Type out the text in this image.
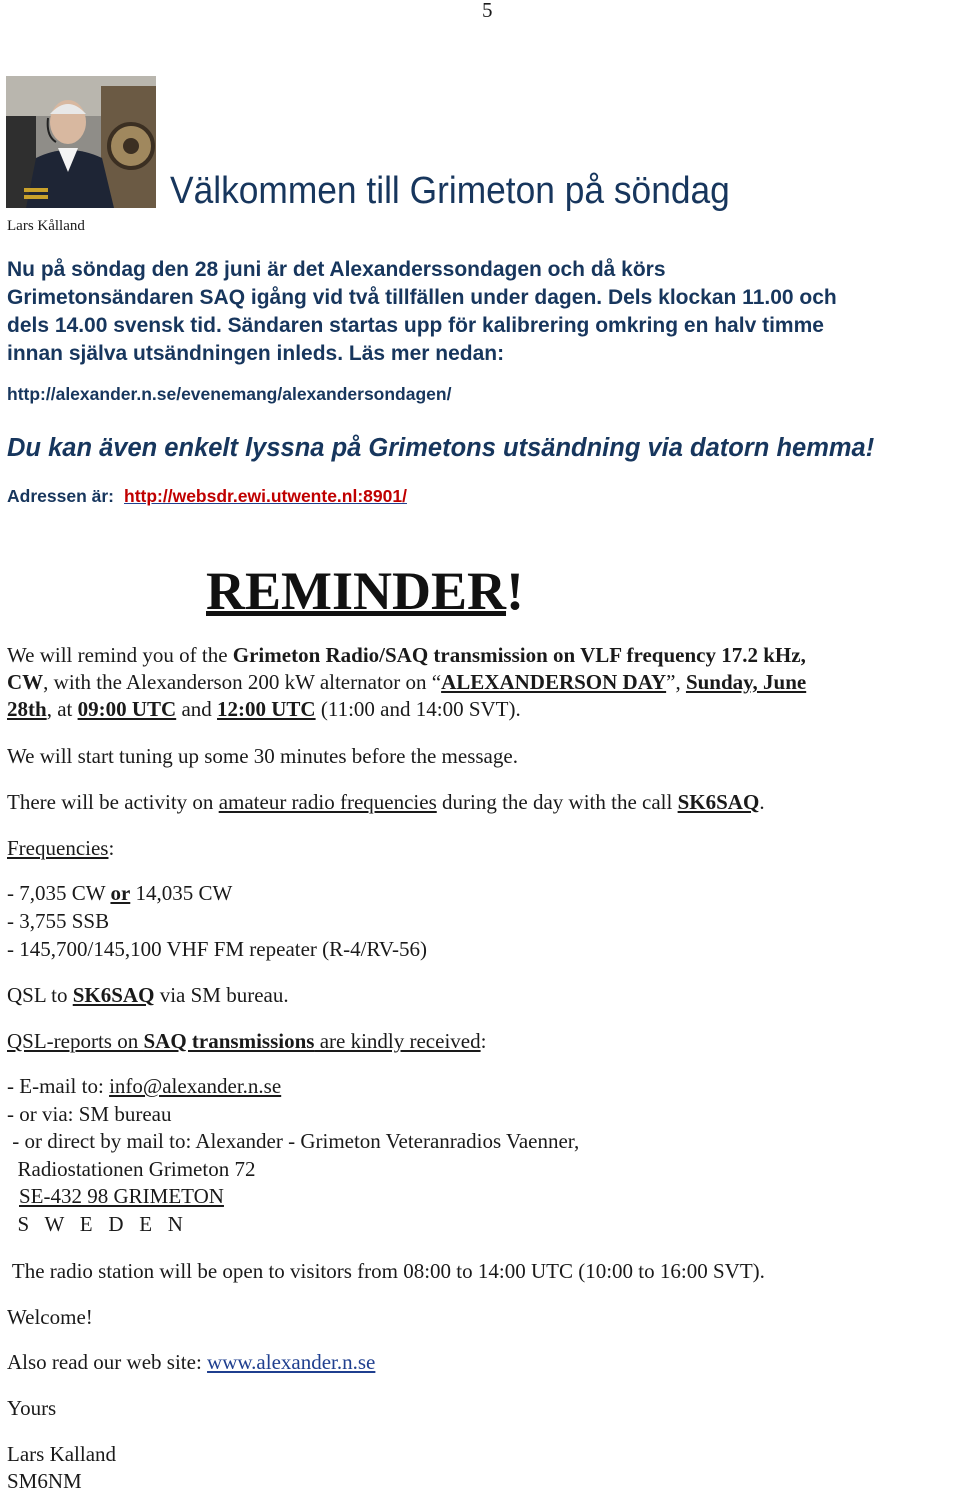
5
Lars Kålland
Välkommen till Grimeton på söndag

Nu på söndag den 28 juni är det Alexanderssondagen och då körs

Grimetonsändaren SAQ igång vid två tillfällen under dagen. Dels klockan 11.00 och

dels 14.00 svensk tid. Sändaren startas upp för kalibrering omkring en halv timme

innan själva utsändningen inleds. Läs mer nedan:

http://alexander.n.se/evenemang/alexandersondagen/
Du kan även enkelt lyssna på Grimetons utsändning via datorn hemma!
Adressen är: http://websdr.ewi.utwente.nl:8901/
REMINDER!
We will remind you of the Grimeton Radio/SAQ transmission on VLF frequency 17.2 kHz,
CW, with the Alexanderson 200 kW alternator on “ALEXANDERSON DAY”, Sunday, June
28th, at 09:00 UTC and 12:00 UTC (11:00 and 14:00 SVT).
We will start tuning up some 30 minutes before the message.
There will be activity on amateur radio frequencies during the day with the call SK6SAQ.
Frequencies:
- 7,035 CW or 14,035 CW
- 3,755 SSB
- 145,700/145,100 VHF FM repeater (R-4/RV-56)
QSL to SK6SAQ via SM bureau.
QSL-reports on SAQ transmissions are kindly received:
- E-mail to: info@alexander.n.se
- or via: SM bureau
- or direct by mail to: Alexander - Grimeton Veteranradios Vaenner,
Radiostationen Grimeton 72
SE-432 98 GRIMETON
S   W   E   D   E   N
The radio station will be open to visitors from 08:00 to 14:00 UTC (10:00 to 16:00 SVT).
Welcome!
Also read our web site: www.alexander.n.se
Yours
Lars Kalland
SM6NM
